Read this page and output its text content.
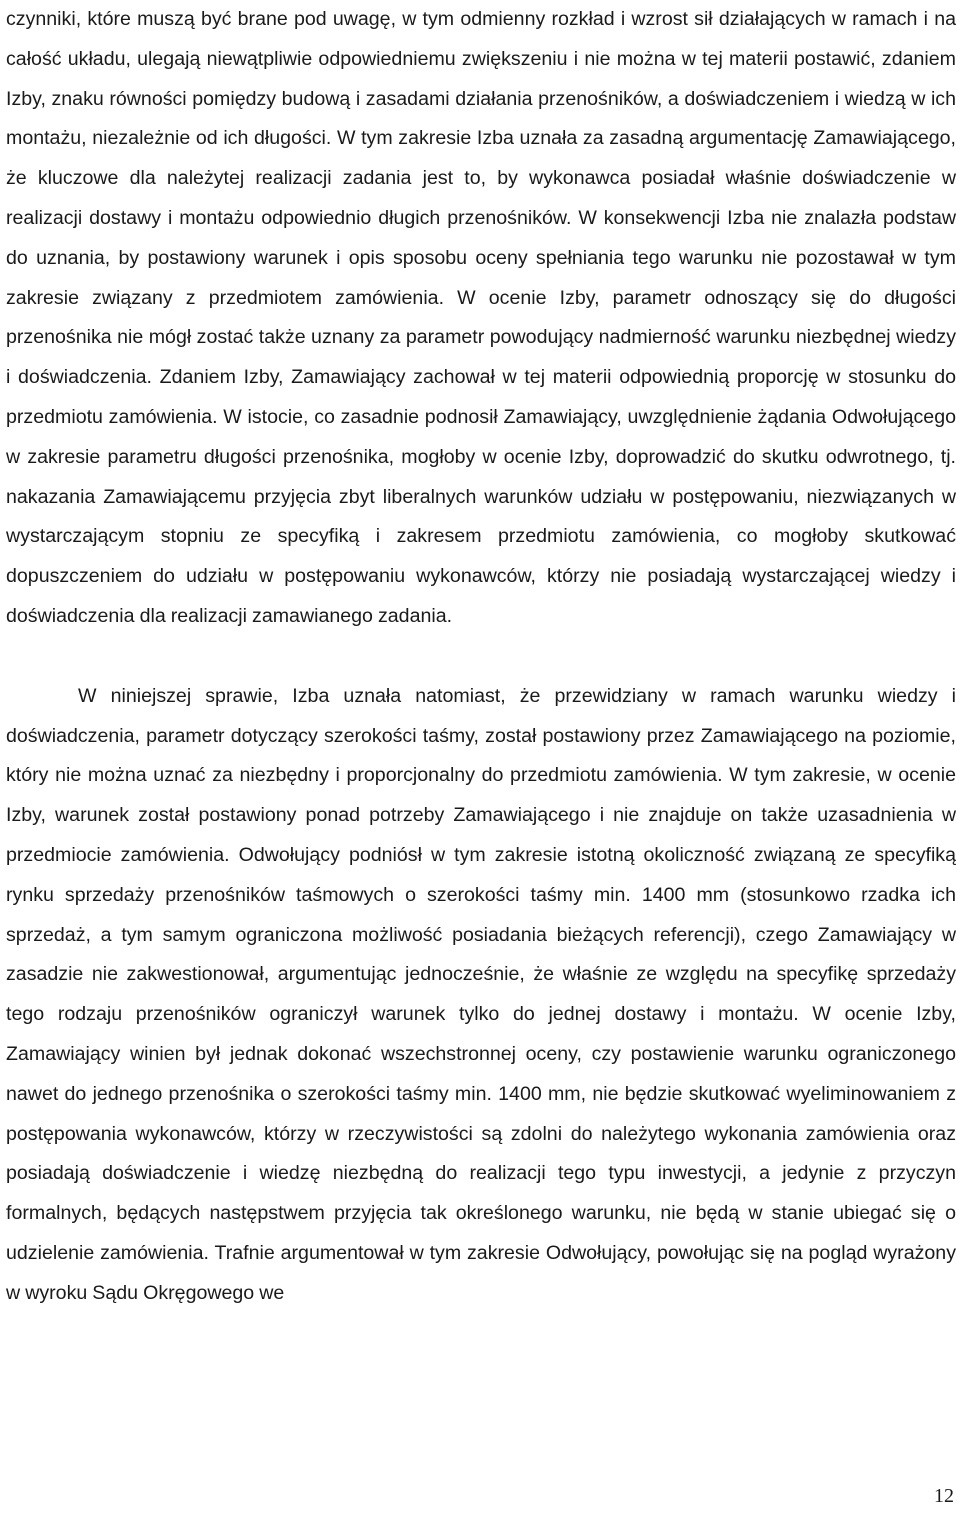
czynniki, które muszą być brane pod uwagę, w tym odmienny rozkład i wzrost sił działających w ramach i na całość układu, ulegają niewątpliwie odpowiedniemu zwiększeniu i nie można w tej materii postawić, zdaniem Izby, znaku równości pomiędzy budową i zasadami działania przenośników, a doświadczeniem i wiedzą w ich montażu, niezależnie od ich długości. W tym zakresie Izba uznała za zasadną argumentację Zamawiającego, że kluczowe dla należytej realizacji zadania jest to, by wykonawca posiadał właśnie doświadczenie w realizacji dostawy i montażu odpowiednio długich przenośników. W konsekwencji Izba nie znalazła podstaw do uznania, by postawiony warunek i opis sposobu oceny spełniania tego warunku nie pozostawał w tym zakresie związany z przedmiotem zamówienia. W ocenie Izby, parametr odnoszący się do długości przenośnika nie mógł zostać także uznany za parametr powodujący nadmierność warunku niezbędnej wiedzy i doświadczenia. Zdaniem Izby, Zamawiający zachował w tej materii odpowiednią proporcję w stosunku do przedmiotu zamówienia. W istocie, co zasadnie podnosił Zamawiający, uwzględnienie żądania Odwołującego w zakresie parametru długości przenośnika, mogłoby w ocenie Izby, doprowadzić do skutku odwrotnego, tj. nakazania Zamawiającemu przyjęcia zbyt liberalnych warunków udziału w postępowaniu, niezwiązanych w wystarczającym stopniu ze specyfiką i zakresem przedmiotu zamówienia, co mogłoby skutkować dopuszczeniem do udziału w postępowaniu wykonawców, którzy nie posiadają wystarczającej wiedzy i doświadczenia dla realizacji zamawianego zadania.

W niniejszej sprawie, Izba uznała natomiast, że przewidziany w ramach warunku wiedzy i doświadczenia, parametr dotyczący szerokości taśmy, został postawiony przez Zamawiającego na poziomie, który nie można uznać za niezbędny i proporcjonalny do przedmiotu zamówienia. W tym zakresie, w ocenie Izby, warunek został postawiony ponad potrzeby Zamawiającego i nie znajduje on także uzasadnienia w przedmiocie zamówienia. Odwołujący podniósł w tym zakresie istotną okoliczność związaną ze specyfiką rynku sprzedaży przenośników taśmowych o szerokości taśmy min. 1400 mm (stosunkowo rzadka ich sprzedaż, a tym samym ograniczona możliwość posiadania bieżących referencji), czego Zamawiający w zasadzie nie zakwestionował, argumentując jednocześnie, że właśnie ze względu na specyfikę sprzedaży tego rodzaju przenośników ograniczył warunek tylko do jednej dostawy i montażu. W ocenie Izby, Zamawiający winien był jednak dokonać wszechstronnej oceny, czy postawienie warunku ograniczonego nawet do jednego przenośnika o szerokości taśmy min. 1400 mm, nie będzie skutkować wyeliminowaniem z postępowania wykonawców, którzy w rzeczywistości są zdolni do należytego wykonania zamówienia oraz posiadają doświadczenie i wiedzę niezbędną do realizacji tego typu inwestycji, a jedynie z przyczyn formalnych, będących następstwem przyjęcia tak określonego warunku, nie będą w stanie ubiegać się o udzielenie zamówienia. Trafnie argumentował w tym zakresie Odwołujący, powołując się na pogląd wyrażony w wyroku Sądu Okręgowego we

12
